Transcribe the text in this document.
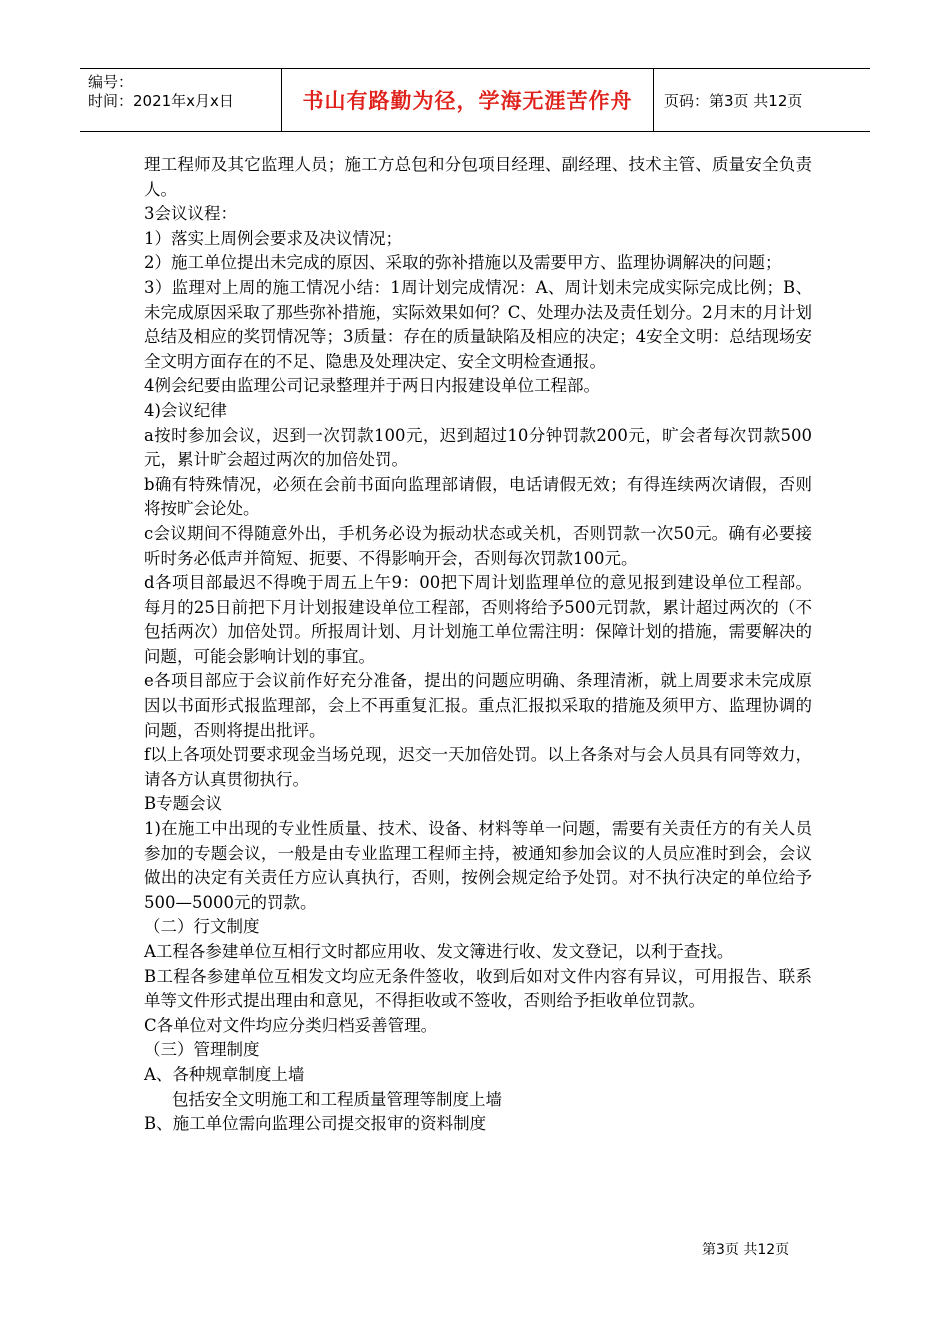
编号：
时间：2021年x月x日	书山有路勤为径，学海无涯苦作舟 页码：第3页 共12页

理工程师及其它监理人员；施工方总包和分包项目经理、副经理、技术主管、质量安全负责人。

3会议议程：

1）落实上周例会要求及决议情况；

2）施工单位提出未完成的原因、采取的弥补措施以及需要甲方、监理协调解决的问题；

3）监理对上周的施工情况小结：1周计划完成情况：A、周计划未完成实际完成比例；B、未完成原因采取了那些弥补措施，实际效果如何？C、处理办法及责任划分。2月末的月计划总结及相应的奖罚情况等；3质量：存在的质量缺陷及相应的决定；4安全文明：总结现场安全文明方面存在的不足、隐患及处理决定、安全文明检查通报。

4例会纪要由监理公司记录整理并于两日内报建设单位工程部。

4)会议纪律

a按时参加会议，迟到一次罚款100元，迟到超过10分钟罚款200元，旷会者每次罚款500元，累计旷会超过两次的加倍处罚。

b确有特殊情况，必须在会前书面向监理部请假，电话请假无效；有得连续两次请假，否则将按旷会论处。

c会议期间不得随意外出，手机务必设为振动状态或关机，否则罚款一次50元。确有必要接听时务必低声并简短、扼要、不得影响开会，否则每次罚款100元。

d各项目部最迟不得晚于周五上午9：00把下周计划监理单位的意见报到建设单位工程部。每月的25日前把下月计划报建设单位工程部，否则将给予500元罚款，累计超过两次的（不包括两次）加倍处罚。所报周计划、月计划施工单位需注明：保障计划的措施，需要解决的问题，可能会影响计划的事宜。

e各项目部应于会议前作好充分准备，提出的问题应明确、条理清淅，就上周要求未完成原因以书面形式报监理部，会上不再重复汇报。重点汇报拟采取的措施及须甲方、监理协调的问题，否则将提出批评。

f以上各项处罚要求现金当场兑现，迟交一天加倍处罚。以上各条对与会人员具有同等效力，请各方认真贯彻执行。

B专题会议

1)在施工中出现的专业性质量、技术、设备、材料等单一问题，需要有关责任方的有关人员参加的专题会议，一般是由专业监理工程师主持，被通知参加会议的人员应准时到会，会议做出的决定有关责任方应认真执行，否则，按例会规定给予处罚。对不执行决定的单位给予500—5000元的罚款。

（二）行文制度

A工程各参建单位互相行文时都应用收、发文簿进行收、发文登记，以利于查找。

B工程各参建单位互相发文均应无条件签收，收到后如对文件内容有异议，可用报告、联系单等文件形式提出理由和意见，不得拒收或不签收，否则给予拒收单位罚款。

C各单位对文件均应分类归档妥善管理。

（三）管理制度

A、各种规章制度上墙

包括安全文明施工和工程质量管理等制度上墙

B、施工单位需向监理公司提交报审的资料制度

第3页 共12页
